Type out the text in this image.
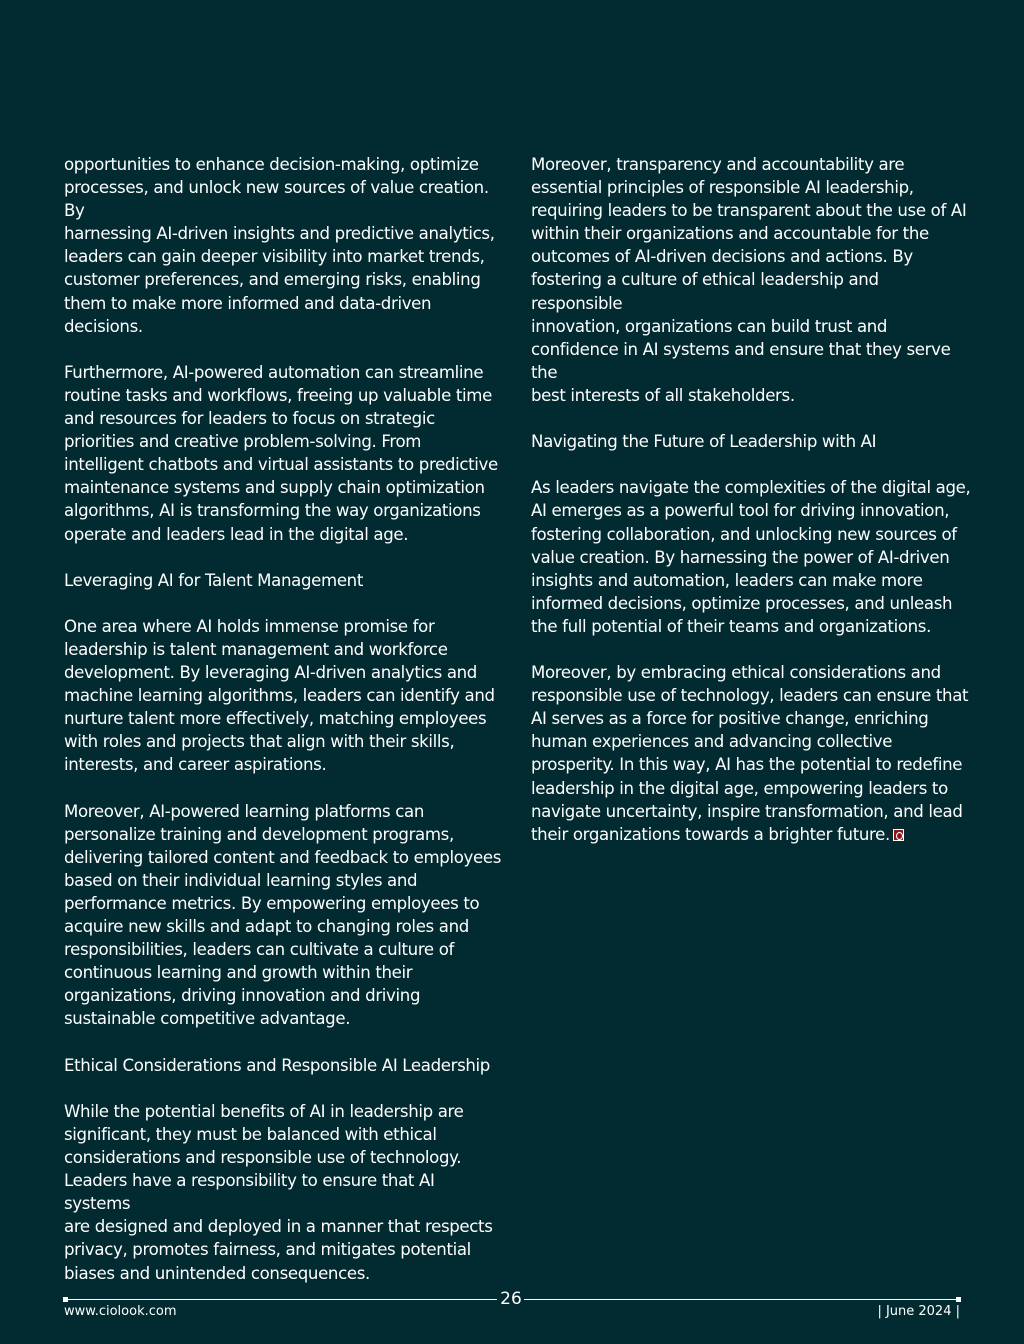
opportunities to enhance decision-making, optimize
processes, and unlock new sources of value creation. By
harnessing AI-driven insights and predictive analytics,
leaders can gain deeper visibility into market trends,
customer preferences, and emerging risks, enabling
them to make more informed and data-driven
decisions.

Furthermore, AI-powered automation can streamline
routine tasks and workflows, freeing up valuable time
and resources for leaders to focus on strategic
priorities and creative problem-solving. From
intelligent chatbots and virtual assistants to predictive
maintenance systems and supply chain optimization
algorithms, AI is transforming the way organizations
operate and leaders lead in the digital age.

Leveraging AI for Talent Management

One area where AI holds immense promise for
leadership is talent management and workforce
development. By leveraging AI-driven analytics and
machine learning algorithms, leaders can identify and
nurture talent more effectively, matching employees
with roles and projects that align with their skills,
interests, and career aspirations.

Moreover, AI-powered learning platforms can
personalize training and development programs,
delivering tailored content and feedback to employees
based on their individual learning styles and
performance metrics. By empowering employees to
acquire new skills and adapt to changing roles and
responsibilities, leaders can cultivate a culture of
continuous learning and growth within their
organizations, driving innovation and driving
sustainable competitive advantage.

Ethical Considerations and Responsible AI Leadership

While the potential benefits of AI in leadership are
significant, they must be balanced with ethical
considerations and responsible use of technology.
Leaders have a responsibility to ensure that AI systems
are designed and deployed in a manner that respects
privacy, promotes fairness, and mitigates potential
biases and unintended consequences.

Moreover, transparency and accountability are
essential principles of responsible AI leadership,
requiring leaders to be transparent about the use of AI
within their organizations and accountable for the
outcomes of AI-driven decisions and actions. By
fostering a culture of ethical leadership and responsible
innovation, organizations can build trust and
confidence in AI systems and ensure that they serve the
best interests of all stakeholders.

Navigating the Future of Leadership with AI

As leaders navigate the complexities of the digital age,
AI emerges as a powerful tool for driving innovation,
fostering collaboration, and unlocking new sources of
value creation. By harnessing the power of AI-driven
insights and automation, leaders can make more
informed decisions, optimize processes, and unleash
the full potential of their teams and organizations.

Moreover, by embracing ethical considerations and
responsible use of technology, leaders can ensure that
AI serves as a force for positive change, enriching
human experiences and advancing collective
prosperity. In this way, AI has the potential to redefine
leadership in the digital age, empowering leaders to
navigate uncertainty, inspire transformation, and lead
their organizations towards a brighter future.

26
www.ciolook.com	| June 2024 |
